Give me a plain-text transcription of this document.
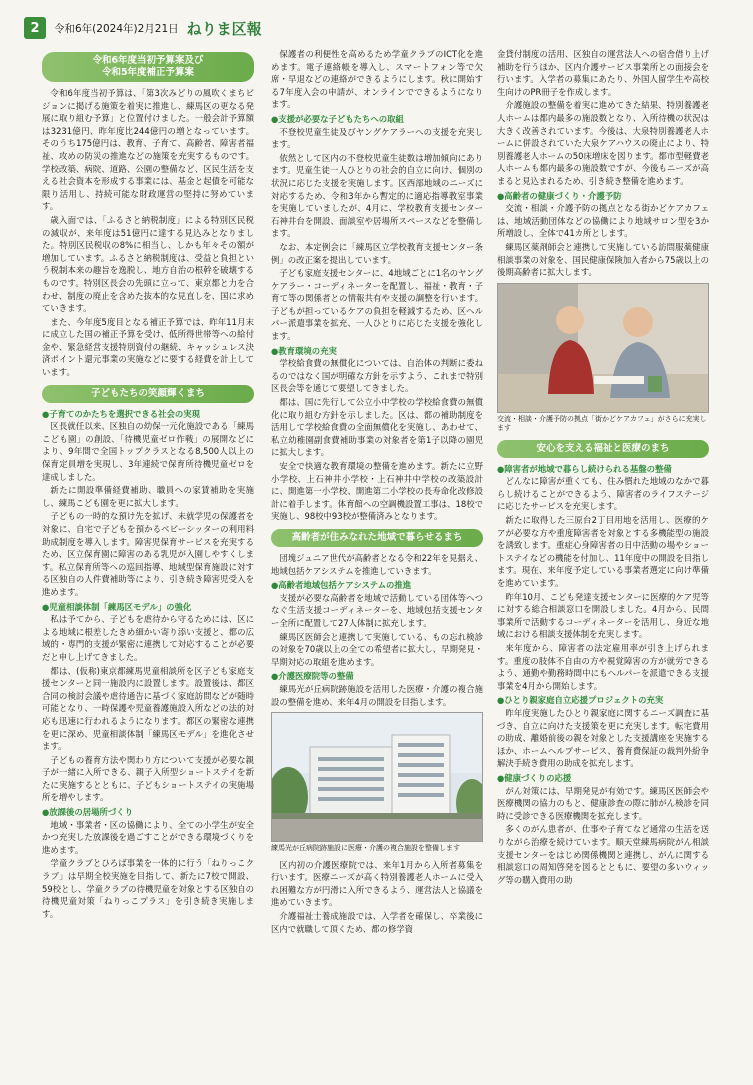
2	令和6年(2024年)2月21日 ねりま区報
令和6年度当初予算案及び
令和5年度補正予算案

令和6年度当初予算は、「第3次みどりの風吹くまちビジョンに掲げる施策を着実に推進し、練馬区の更なる発展に取り組む予算」と位置付けました。一般会計予算額は3231億円、昨年度比244億円の増となっています。そのうち175億円は、教育、子育て、高齢者、障害者福祉、攻めの防災の推進などの施策を充実するものです。学校改築、病院、道路、公園の整備など、区民生活を支える社会資本を形成する事業には、基金と起債を可能な限り活用し、持続可能な財政運営の堅持に努めています。

歳入面では、「ふるさと納税制度」による特別区民税の減収が、来年度は51億円に達する見込みとなりました。特別区民税収の8%に相当し、しかも年々その額が増加しています。ふるさと納税制度は、受益と負担という税制本来の趣旨を逸脱し、地方自治の根幹を破壊するものです。特別区長会の先頭に立って、東京都と力を合わせ、制度の廃止を含めた抜本的な見直しを、国に求めていきます。

また、今年度5度目となる補正予算では、昨年11月末に成立した国の補正予算を受け、低所得世帯等への給付金や、緊急経営支援特別資付の継続、キャッシュレス決済ポイント還元事業の実施などに要する経費を計上しています。

子どもたちの笑顔輝くまち
●子育てのかたちを選択できる社会の実現

区長就任以来、区独自の幼保一元化施設である「練馬こども園」の創設、「待機児童ゼロ作戦」の展開などにより、9年間で全国トップクラスとなる8,500人以上の保育定員増を実現し、3年連続で保育所待機児童ゼロを達成しました。

新たに開設準備経費補助、職員への家賃補助を実施し、練馬こども園を更に拡大します。

子どもの一時的な預け先を拡げ、未就学児の保護者を対象に、自宅で子どもを預かるベビーシッターの利用料助成制度を導入します。障害児保育サービスを充実するため、区立保育園に障害のある乳児が入園しやすくします。私立保育所等への巡回指導、地域型保育施設に対する区独自の人件費補助等により、引き続き障害児受入を進めます。

●児童相談体制「練馬区モデル」の強化

私は予てから、子どもを虐待から守るためには、区による地域に根差したきめ細かい寄り添い支援と、都の広域的・専門的支援が緊密に連携して対応することが必要だと申し上げてきました。

都は、(仮称)東京都練馬児童相談所を区子ども家庭支援センターと同一施設内に設置します。設置後は、都区合同の検討会議や虐待通告に基づく家庭訪問などが随時可能となり、一時保護や児童養護施設入所などの法的対応も迅速に行われるようになります。都区の緊密な連携を更に深め、児童相談体制「練馬区モデル」を進化させます。

子どもの養育方法や関わり方について支援が必要な親子が一緒に入所できる、親子入所型ショートステイを新たに実施するとともに、子どもショートステイの実施場所を増やします。

●放課後の居場所づくり

地域・事業者・区の協働により、全ての小学生が安全かつ充実した放課後を過ごすことができる環境づくりを進めます。

学童クラブとひろば事業を一体的に行う「ねりっこクラブ」は早期全校実施を目指して、新たに7校で開設、59校とし、学童クラブの待機児童を対象とする区独自の待機児童対策「ねりっこプラス」を引き続き実施します。

保護者の利便性を高めるため学童クラブのICT化を進めます。電子連絡帳を導入し、スマートフォン等で欠席・早退などの連絡ができるようにします。秋に開始する7年度入会の申請が、オンラインでできるようになります。

●支援が必要な子どもたちへの取組

不登校児童生徒及びヤングケアラーへの支援を充実します。

依然として区内の不登校児童生徒数は増加傾向にあります。児童生徒一人ひとりの社会的自立に向け、個別の状況に応じた支援を実施します。区西部地域のニーズに対応するため、令和3年から暫定的に適応指導教室事業を実施していましたが、4月に、学校教育支援センター石神井台を開設、面談室や居場所スペースなどを整備します。

なお、本定例会に「練馬区立学校教育支援センター条例」の改正案を提出しています。

子ども家庭支援センターに、4地域ごとに1名のヤングケアラー・コーディネーターを配置し、福祉・教育・子育て等の関係者との情報共有や支援の調整を行います。子どもが担っているケアの負担を軽減するため、区ヘルパー派遣事業を拡充、一人ひとりに応じた支援を強化します。

●教育環境の充実

学校給食費の無償化については、自治体の判断に委ねるのではなく国が明確な方針を示すよう、これまで特別区長会等を通じて要望してきました。

都は、国に先行して公立小中学校の学校給食費の無償化に取り組む方針を示しました。区は、都の補助制度を活用して学校給食費の全面無償化を実施し、あわせて、私立幼稚園副食費補助事業の対象者を第1子以降の園児に拡大します。

安全で快適な教育環境の整備を進めます。新たに立野小学校、上石神井小学校・上石神井中学校の改築設計に、開進第一小学校、開進第二小学校の長寿命化改修設計に着手します。体育館への空調機設置工事は、18校で実施し、98校中93校が整備済みとなります。

高齢者が住みなれた地域で暮らせるまち

団塊ジュニア世代が高齢者となる令和22年を見据え、地域包括ケアシステムを推進していきます。

●高齢者地域包括ケアシステムの推進

支援が必要な高齢者を地域で活動している団体等へつなぐ生活支援コーディネーターを、地域包括支援センター全所に配置して27人体制に拡充します。

練馬区医師会と連携して実施している、もの忘れ検診の対象を70歳以上の全ての希望者に拡大し、早期発見・早期対応の取組を進めます。

●介護医療院等の整備

練馬光が丘病院跡施設を活用した医療・介護の複合施設の整備を進め、来年4月の開設を目指します。

練馬光が丘病院跡施設に医療・介護の複合施設を整備します

区内初の介護医療院では、来年1月から入所者募集を行います。医療ニーズが高く特別養護老人ホームに受入れ困難な方が円滑に入所できるよう、運営法人と協議を進めていきます。

介護福祉士養成施設では、入学者を確保し、卒業後に区内で就職して頂くため、都の修学資

金貸付制度の活用、区独自の運営法人への宿舎借り上げ補助を行うほか、区内介護サービス事業所との面接会を行います。入学者の募集にあたり、外国人留学生や高校生向けのPR冊子を作成します。

介護施設の整備を着実に進めてきた結果、特別養護老人ホームは都内最多の施設数となり、入所待機の状況は大きく改善されています。今後は、大泉特別養護老人ホームに併設されていた大泉ケアハウスの廃止により、特別養護老人ホームの50床増床を図ります。都市型軽費老人ホームも都内最多の施設数ですが、今後もニーズが高まると見込まれるため、引き続き整備を進めます。

●高齢者の健康づくり・介護予防

交流・相談・介護予防の拠点となる街かどケアカフェは、地域活動団体などの協働により地域サロン型を3か所増設し、全体で41カ所とします。

練馬区薬剤師会と連携して実施している訪問服薬健康相談事業の対象を、国民健康保険加入者から75歳以上の後期高齢者に拡大します。

交流・相談・介護予防の拠点「街かどケアカフェ」がさらに充実します
安心を支える福祉と医療のまち
●障害者が地域で暮らし続けられる基盤の整備

どんなに障害が重くても、住み慣れた地域のなかで暮らし続けることができるよう、障害者のライフステージに応じたサービスを充実します。

新たに取得した三原台2丁目用地を活用し、医療的ケアが必要な方や重度障害者を対象とする多機能型の施設を誘致します。重症心身障害者の日中活動の場やショートステイなどの機能を付加し、11年度中の開設を目指します。現在、来年度予定している事業者選定に向け準備を進めています。

昨年10月、こども発達支援センターに医療的ケア児等に対する総合相談窓口を開設しました。4月から、民間事業所で活動するコーディネーターを活用し、身近な地域における相談支援体制を充実します。

来年度から、障害者の法定雇用率が引き上げられます。重度の肢体不自由の方や視覚障害の方が就労できるよう、通勤や勤務時間中にもヘルパーを派遣できる支援事業を4月から開始します。

●ひとり親家庭自立応援プロジェクトの充実

昨年度実施したひとり親家庭に関するニーズ調査に基づき、自立に向けた支援策を更に充実します。転宅費用の助成、離婚前後の親を対象とした支援講座を実施するほか、ホームヘルプサービス、養育費保証の裁判外紛争解決手続き費用の助成を拡充します。

●健康づくりの応援

がん対策には、早期発見が有効です。練馬区医師会や医療機関の協力のもと、健康診査の際に肺がん検診を同時に受診できる医療機関を拡充します。

多くのがん患者が、仕事や子育てなど通常の生活を送りながら治療を続けています。順天堂練馬病院がん相談支援センターをはじめ関係機関と連携し、がんに関する相談窓口の周知啓発を図るとともに、要望の多いウィッグ等の購入費用の助
